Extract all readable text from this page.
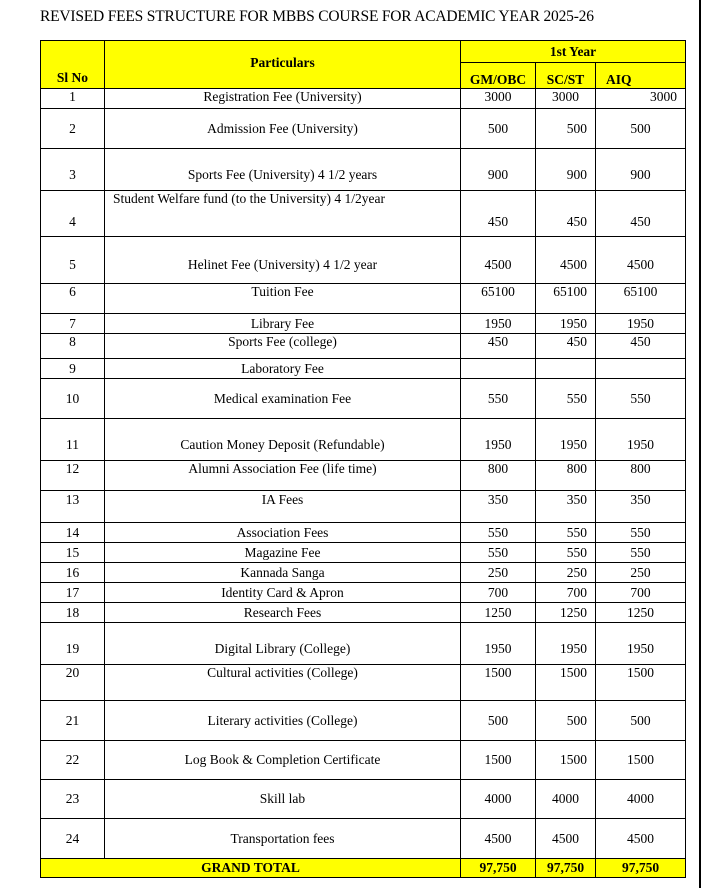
REVISED FEES STRUCTURE FOR MBBS COURSE FOR ACADEMIC YEAR 2025-26
Sl No	Particulars	1st Year		
		GM/OBC	SC/ST	AIQ
1	Registration Fee (University)	3000	3000	3000
2	Admission Fee (University)	500	500	500
3	Sports Fee (University) 4 1/2 years	900	900	900
4	Student Welfare fund (to the University) 4 1/2year	450	450	450
5	Helinet Fee (University) 4 1/2 year	4500	4500	4500
6	Tuition Fee	65100	65100	65100
7	Library Fee	1950	1950	1950
8	Sports Fee (college)	450	450	450
9	Laboratory Fee			
10	Medical examination Fee	550	550	550
11	Caution Money Deposit (Refundable)	1950	1950	1950
12	Alumni Association Fee (life time)	800	800	800
13	IA Fees	350	350	350
14	Association Fees	550	550	550
15	Magazine Fee	550	550	550
16	Kannada Sanga	250	250	250
17	Identity Card & Apron	700	700	700
18	Research Fees	1250	1250	1250
19	Digital Library (College)	1950	1950	1950
20	Cultural activities (College)	1500	1500	1500
21	Literary activities (College)	500	500	500
22	Log Book & Completion Certificate	1500	1500	1500
23	Skill lab	4000	4000	4000
24	Transportation fees	4500	4500	4500
GRAND TOTAL		97,750	97,750	97,750
